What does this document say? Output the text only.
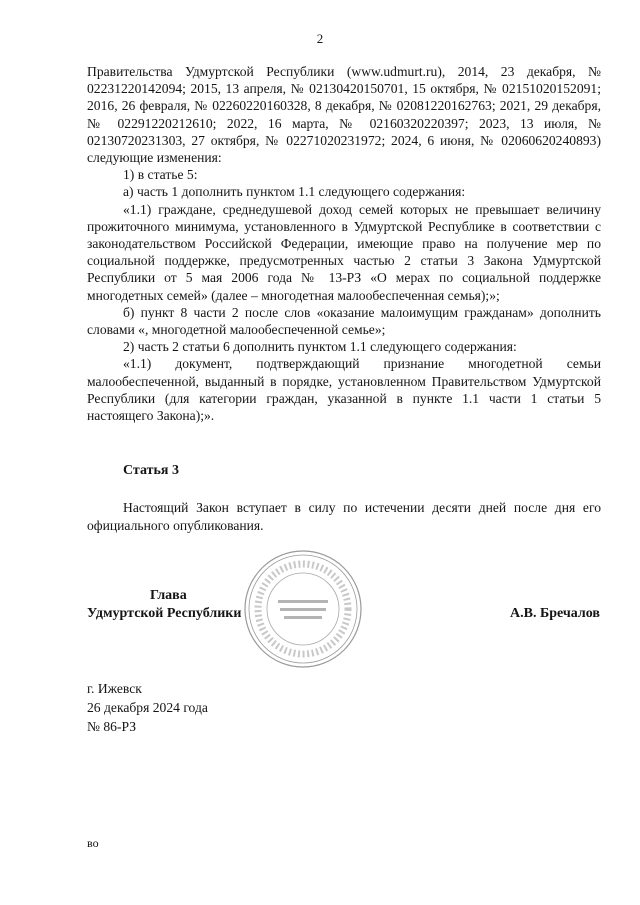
2

Правительства Удмуртской Республики (www.udmurt.ru), 2014, 23 декабря, № 02231220142094; 2015, 13 апреля, № 02130420150701, 15 октября, № 02151020152091; 2016, 26 февраля, № 02260220160328, 8 декабря, № 02081220162763; 2021, 29 декабря, № 02291220212610; 2022, 16 марта, № 02160320220397; 2023, 13 июля, № 02130720231303, 27 октября, № 02271020231972; 2024, 6 июня, № 02060620240893) следующие изменения:

1) в статье 5:

а) часть 1 дополнить пунктом 1.1 следующего содержания:

«1.1) граждане, среднедушевой доход семей которых не превышает величину прожиточного минимума, установленного в Удмуртской Республике в соответствии с законодательством Российской Федерации, имеющие право на получение мер по социальной поддержке, предусмотренных частью 2 статьи 3 Закона Удмуртской Республики от 5 мая 2006 года № 13-РЗ «О мерах по социальной поддержке многодетных семей» (далее – многодетная малообеспеченная семья);»;

б) пункт 8 части 2 после слов «оказание малоимущим гражданам» дополнить словами «, многодетной малообеспеченной семье»;

2) часть 2 статьи 6 дополнить пунктом 1.1 следующего содержания:

«1.1) документ, подтверждающий признание многодетной семьи малообеспеченной, выданный в порядке, установленном Правительством Удмуртской Республики (для категории граждан, указанной в пункте 1.1 части 1 статьи 5 настоящего Закона);».

Статья 3
Настоящий Закон вступает в силу по истечении десяти дней после дня его официального опубликования.
Глава
Удмуртской Республики	А.В. Бречалов
г. Ижевск
26 декабря 2024 года
№ 86-РЗ
во
